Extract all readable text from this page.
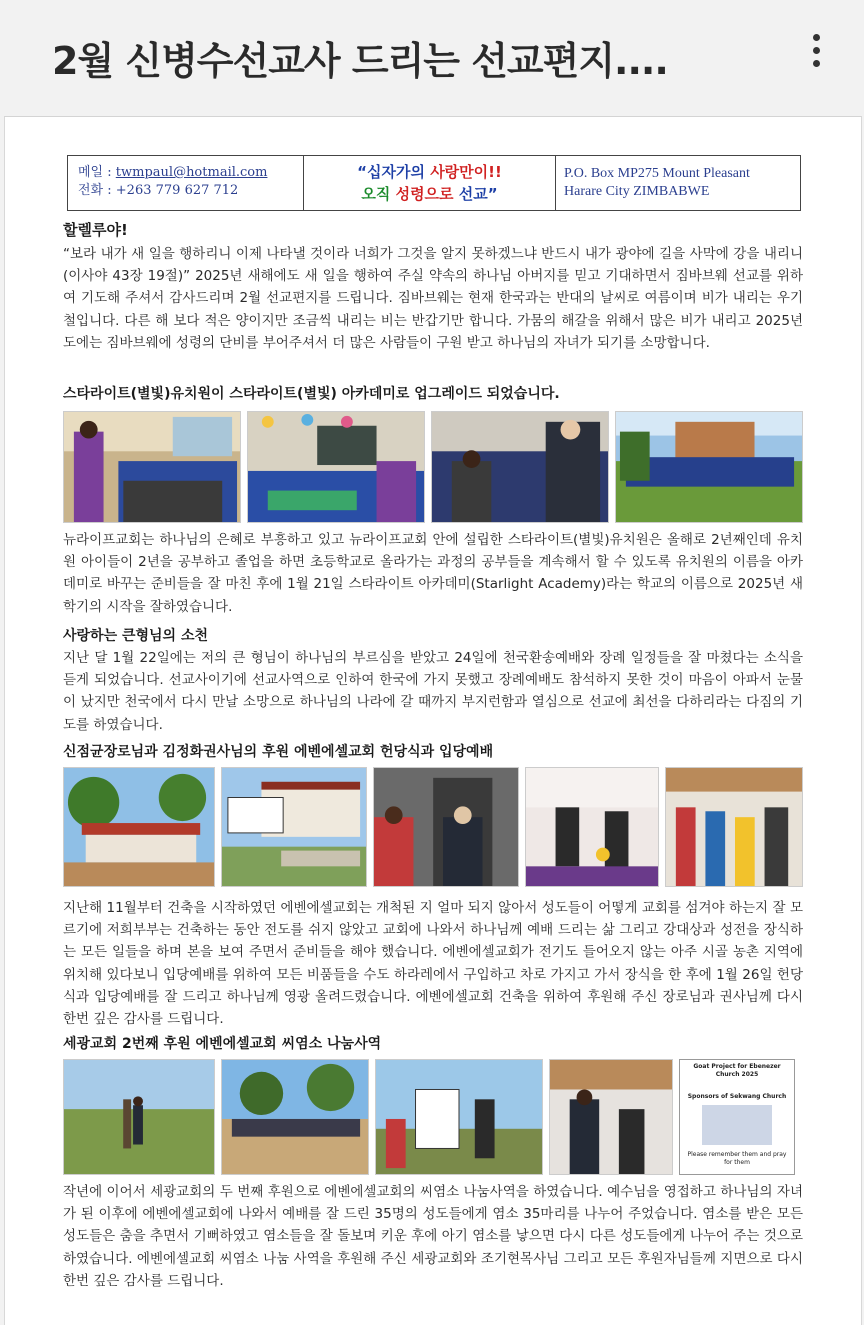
2월 신병수선교사 드리는 선교편지....
메일 : twmpaul@hotmail.com
전화 : +263 779 627 712
“십자가의 사랑만이!!
오직 성령으로 선교”
P.O. Box MP275 Mount Pleasant
Harare City ZIMBABWE
할렐루야!

“보라 내가 새 일을 행하리니 이제 나타낼 것이라 너희가 그것을 알지 못하겠느냐 반드시 내가 광야에 길을 사막에 강을 내리니(이사야 43장 19절)” 2025년 새해에도 새 일을 행하여 주실 약속의 하나님 아버지를 믿고 기대하면서 짐바브웨 선교를 위하여 기도해 주셔서 감사드리며 2월 선교편지를 드립니다. 짐바브웨는 현재 한국과는 반대의 날씨로 여름이며 비가 내리는 우기철입니다. 다른 해 보다 적은 양이지만 조금씩 내리는 비는 반갑기만 합니다. 가뭄의 해갈을 위해서 많은 비가 내리고 2025년도에는 짐바브웨에 성령의 단비를 부어주셔서 더 많은 사람들이 구원 받고 하나님의 자녀가 되기를 소망합니다.

스타라이트(별빛)유치원이 스타라이트(별빛) 아카데미로 업그레이드 되었습니다.

뉴라이프교회는 하나님의 은혜로 부흥하고 있고 뉴라이프교회 안에 설립한 스타라이트(별빛)유치원은 올해로 2년째인데 유치원 아이들이 2년을 공부하고 졸업을 하면 초등학교로 올라가는 과정의 공부들을 계속해서 할 수 있도록 유치원의 이름을 아카데미로 바꾸는 준비들을 잘 마친 후에 1월 21일 스타라이트 아카데미(Starlight Academy)라는 학교의 이름으로 2025년 새 학기의 시작을 잘하였습니다.

사랑하는 큰형님의 소천

지난 달 1월 22일에는 저의 큰 형님이 하나님의 부르심을 받았고 24일에 천국환송예배와 장례 일정들을 잘 마쳤다는 소식을 듣게 되었습니다. 선교사이기에 선교사역으로 인하여 한국에 가지 못했고 장례예배도 참석하지 못한 것이 마음이 아파서 눈물이 났지만 천국에서 다시 만날 소망으로 하나님의 나라에 갈 때까지 부지런함과 열심으로 선교에 최선을 다하리라는 다짐의 기도를 하였습니다.

신점균장로님과 김정화권사님의 후원 에벤에셀교회 헌당식과 입당예배

지난해 11월부터 건축을 시작하였던 에벤에셀교회는 개척된 지 얼마 되지 않아서 성도들이 어떻게 교회를 섬겨야 하는지 잘 모르기에 저희부부는 건축하는 동안 전도를 쉬지 않았고 교회에 나와서 하나님께 예배 드리는 삶 그리고 강대상과 성전을 장식하는 모든 일들을 하며 본을 보여 주면서 준비들을 해야 했습니다. 에벤에셀교회가 전기도 들어오지 않는 아주 시골 농촌 지역에 위치해 있다보니 입당예배를 위하여 모든 비품들을 수도 하라레에서 구입하고 차로 가지고 가서 장식을 한 후에 1월 26일 헌당식과 입당예배를 잘 드리고 하나님께 영광 올려드렸습니다. 에벤에셀교회 건축을 위하여 후원해 주신 장로님과 권사님께 다시 한번 깊은 감사를 드립니다.

세광교회 2번째 후원 에벤에셀교회 씨염소 나눔사역
Goat Project for Ebenezer Church 2025
Sponsors of Sekwang Church
Please remember them and pray for them

작년에 이어서 세광교회의 두 번째 후원으로 에벤에셀교회의 씨염소 나눔사역을 하였습니다. 예수님을 영접하고 하나님의 자녀가 된 이후에 에벤에셀교회에 나와서 예배를 잘 드린 35명의 성도들에게 염소 35마리를 나누어 주었습니다. 염소를 받은 모든 성도들은 춤을 추면서 기뻐하였고 염소들을 잘 돌보며 키운 후에 아기 염소를 낳으면 다시 다른 성도들에게 나누어 주는 것으로 하였습니다. 에벤에셀교회 씨염소 나눔 사역을 후원해 주신 세광교회와 조기현목사님 그리고 모든 후원자님들께 지면으로 다시 한번 깊은 감사를 드립니다.
